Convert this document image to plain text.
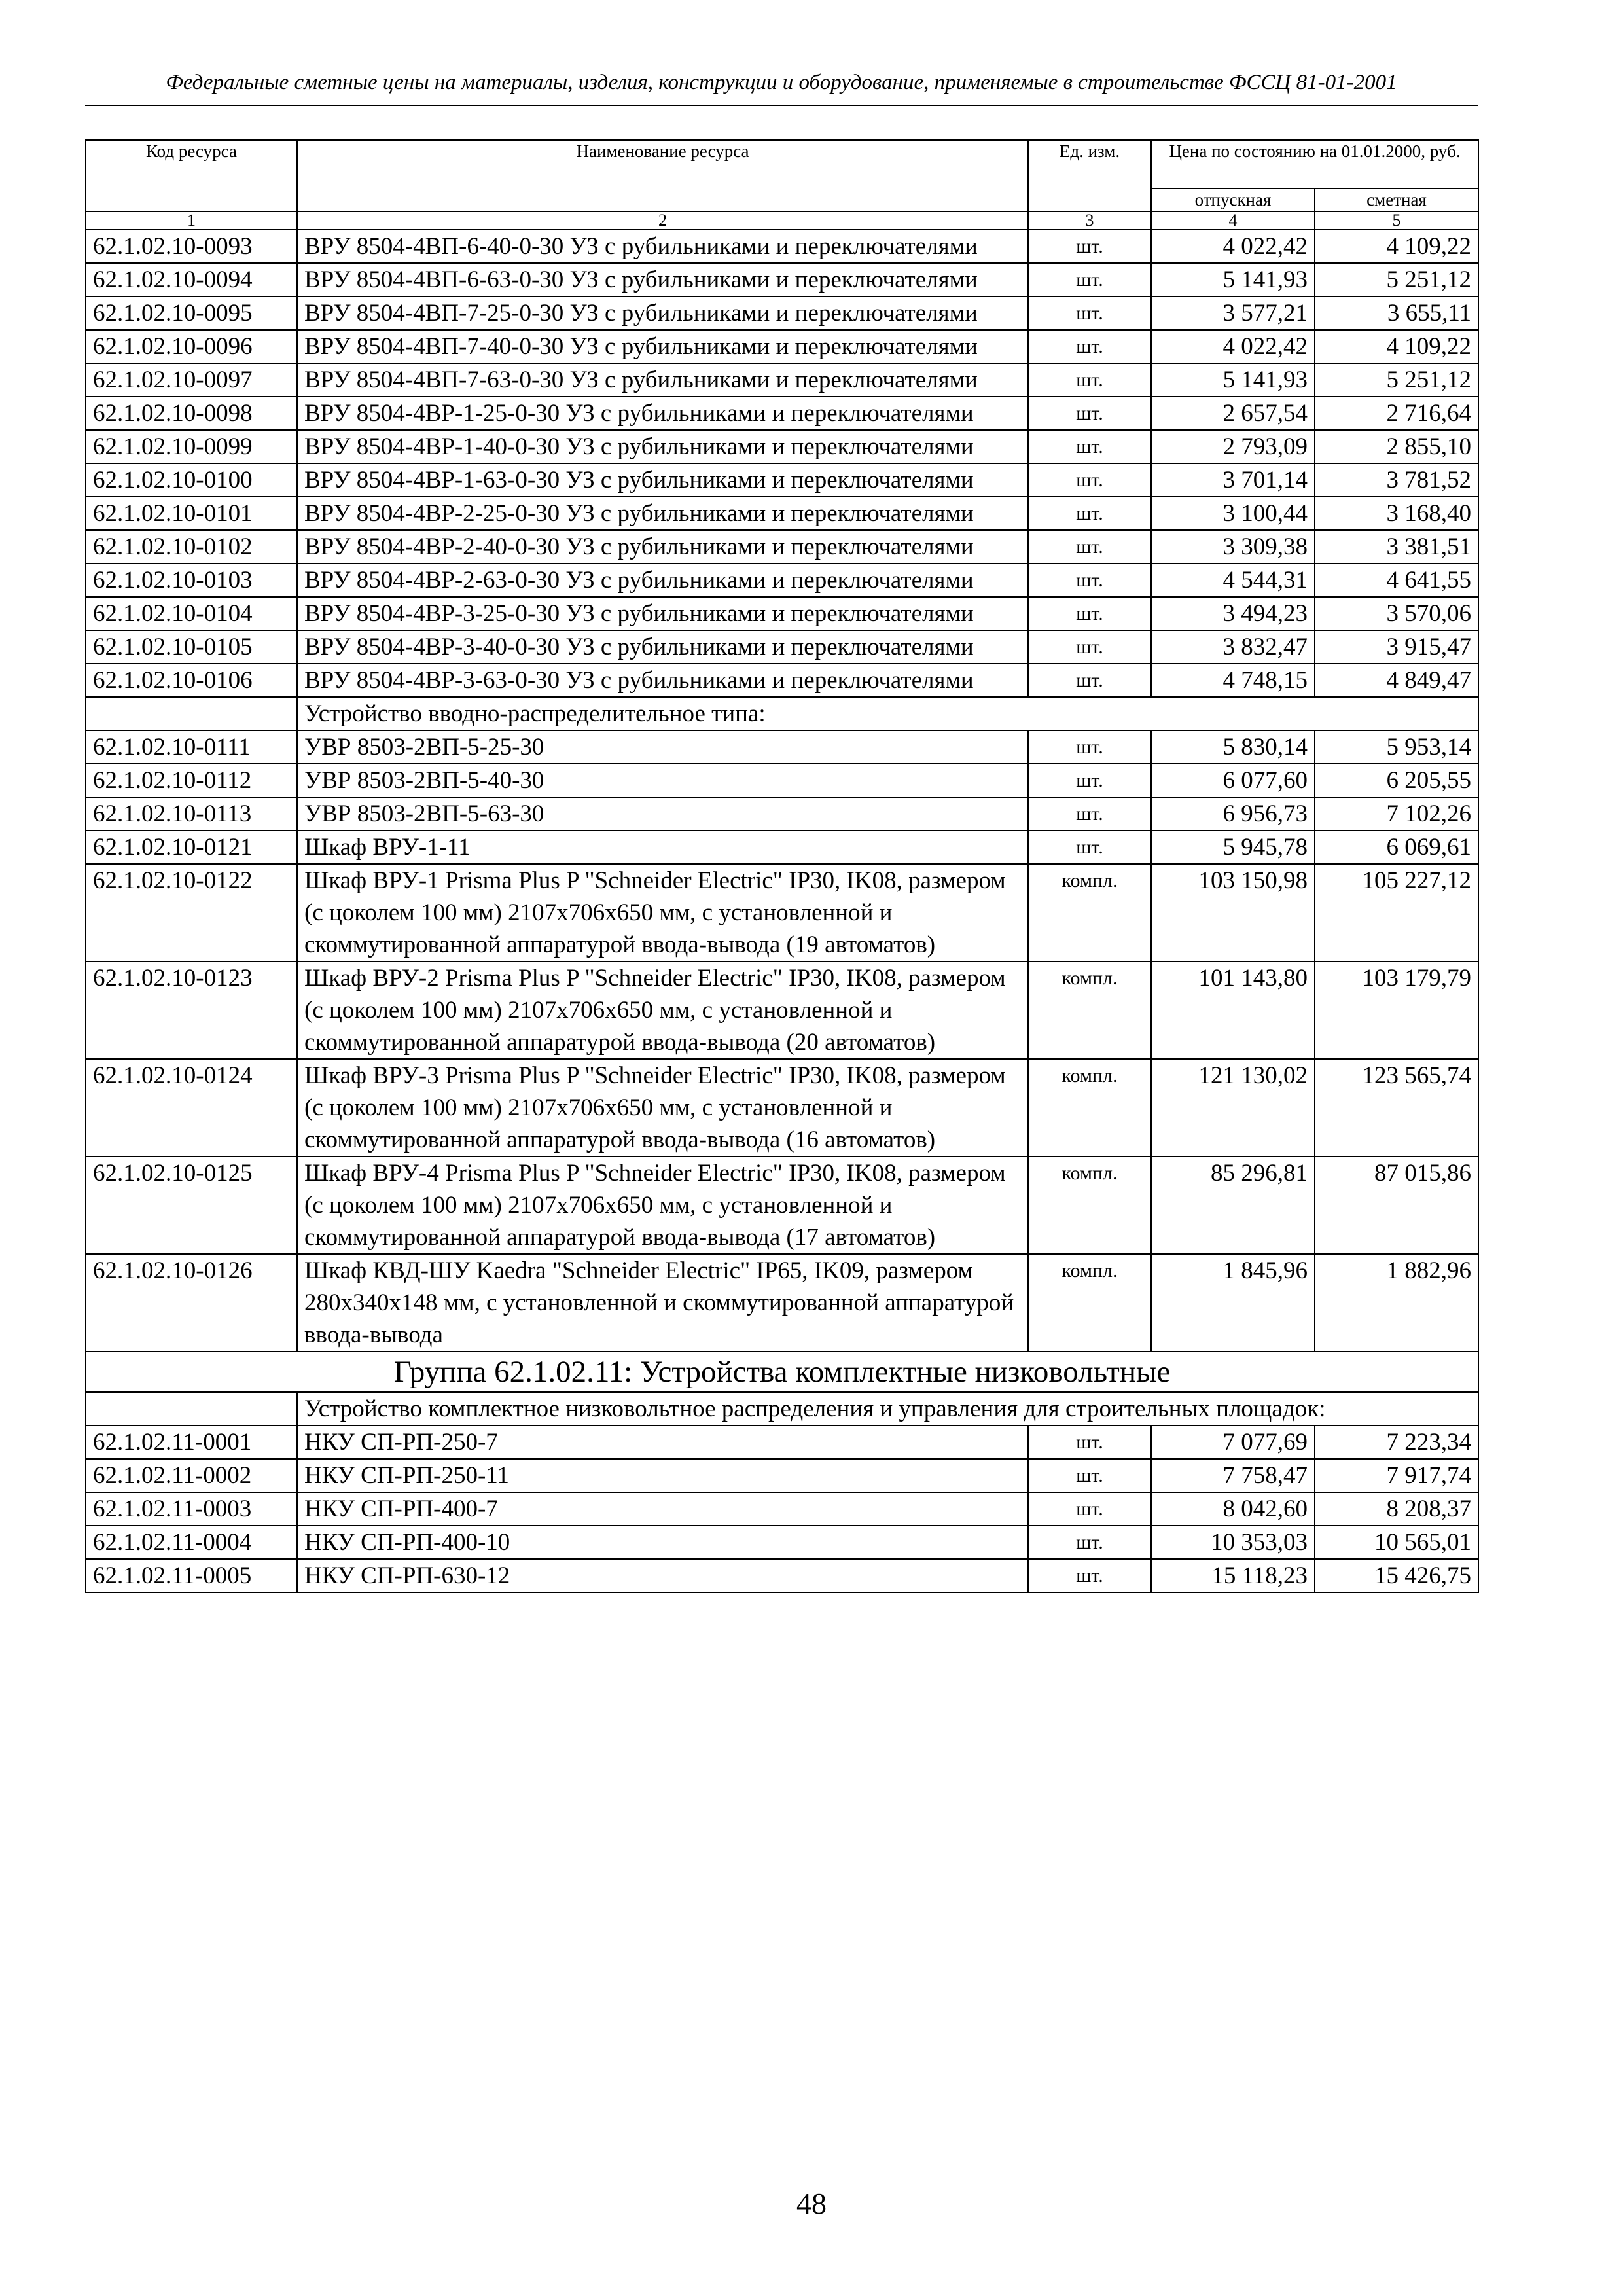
Федеральные сметные цены на материалы, изделия, конструкции и оборудование, применяемые в строительстве ФССЦ 81-01-2001
Код ресурса	Наименование ресурса	Ед. изм.	Цена по состоянию на 01.01.2000, руб.	
			отпускная	сметная
1	2	3	4	5
62.1.02.10-0093	ВРУ 8504-4ВП-6-40-0-30 УЗ с рубильниками и переключателями	шт.	4 022,42	4 109,22
62.1.02.10-0094	ВРУ 8504-4ВП-6-63-0-30 УЗ с рубильниками и переключателями	шт.	5 141,93	5 251,12
62.1.02.10-0095	ВРУ 8504-4ВП-7-25-0-30 УЗ с рубильниками и переключателями	шт.	3 577,21	3 655,11
62.1.02.10-0096	ВРУ 8504-4ВП-7-40-0-30 УЗ с рубильниками и переключателями	шт.	4 022,42	4 109,22
62.1.02.10-0097	ВРУ 8504-4ВП-7-63-0-30 УЗ с рубильниками и переключателями	шт.	5 141,93	5 251,12
62.1.02.10-0098	ВРУ 8504-4ВР-1-25-0-30 УЗ с рубильниками и переключателями	шт.	2 657,54	2 716,64
62.1.02.10-0099	ВРУ 8504-4ВР-1-40-0-30 УЗ с рубильниками и переключателями	шт.	2 793,09	2 855,10
62.1.02.10-0100	ВРУ 8504-4ВР-1-63-0-30 УЗ с рубильниками и переключателями	шт.	3 701,14	3 781,52
62.1.02.10-0101	ВРУ 8504-4ВР-2-25-0-30 УЗ с рубильниками и переключателями	шт.	3 100,44	3 168,40
62.1.02.10-0102	ВРУ 8504-4ВР-2-40-0-30 УЗ с рубильниками и переключателями	шт.	3 309,38	3 381,51
62.1.02.10-0103	ВРУ 8504-4ВР-2-63-0-30 УЗ с рубильниками и переключателями	шт.	4 544,31	4 641,55
62.1.02.10-0104	ВРУ 8504-4ВР-3-25-0-30 УЗ с рубильниками и переключателями	шт.	3 494,23	3 570,06
62.1.02.10-0105	ВРУ 8504-4ВР-3-40-0-30 УЗ с рубильниками и переключателями	шт.	3 832,47	3 915,47
62.1.02.10-0106	ВРУ 8504-4ВР-3-63-0-30 УЗ с рубильниками и переключателями	шт.	4 748,15	4 849,47
	Устройство вводно-распределительное типа:			
62.1.02.10-0111	УВР 8503-2ВП-5-25-30	шт.	5 830,14	5 953,14
62.1.02.10-0112	УВР 8503-2ВП-5-40-30	шт.	6 077,60	6 205,55
62.1.02.10-0113	УВР 8503-2ВП-5-63-30	шт.	6 956,73	7 102,26
62.1.02.10-0121	Шкаф ВРУ-1-11	шт.	5 945,78	6 069,61
62.1.02.10-0122	Шкаф ВРУ-1 Prisma Plus P "Schneider Electric" IP30, IK08, размером (с цоколем 100 мм) 2107х706х650 мм, с установленной и скоммутированной аппаратурой ввода-вывода (19 автоматов)	компл.	103 150,98	105 227,12
62.1.02.10-0123	Шкаф ВРУ-2 Prisma Plus P "Schneider Electric" IP30, IK08, размером (с цоколем 100 мм) 2107х706х650 мм, с установленной и скоммутированной аппаратурой ввода-вывода (20 автоматов)	компл.	101 143,80	103 179,79
62.1.02.10-0124	Шкаф ВРУ-3 Prisma Plus P "Schneider Electric" IP30, IK08, размером (с цоколем 100 мм) 2107х706х650 мм, с установленной и скоммутированной аппаратурой ввода-вывода (16 автоматов)	компл.	121 130,02	123 565,74
62.1.02.10-0125	Шкаф ВРУ-4 Prisma Plus P "Schneider Electric" IP30, IK08, размером (с цоколем 100 мм) 2107х706х650 мм, с установленной и скоммутированной аппаратурой ввода-вывода (17 автоматов)	компл.	85 296,81	87 015,86
62.1.02.10-0126	Шкаф КВД-ШУ Kaedra "Schneider Electric" IP65, IK09, размером 280х340х148 мм, с установленной и скоммутированной аппаратурой ввода-вывода	компл.	1 845,96	1 882,96
Группа 62.1.02.11: Устройства комплектные низковольтные				
	Устройство комплектное низковольтное распределения и управления для строительных площадок:			
62.1.02.11-0001	НКУ СП-РП-250-7	шт.	7 077,69	7 223,34
62.1.02.11-0002	НКУ СП-РП-250-11	шт.	7 758,47	7 917,74
62.1.02.11-0003	НКУ СП-РП-400-7	шт.	8 042,60	8 208,37
62.1.02.11-0004	НКУ СП-РП-400-10	шт.	10 353,03	10 565,01
62.1.02.11-0005	НКУ СП-РП-630-12	шт.	15 118,23	15 426,75
48
